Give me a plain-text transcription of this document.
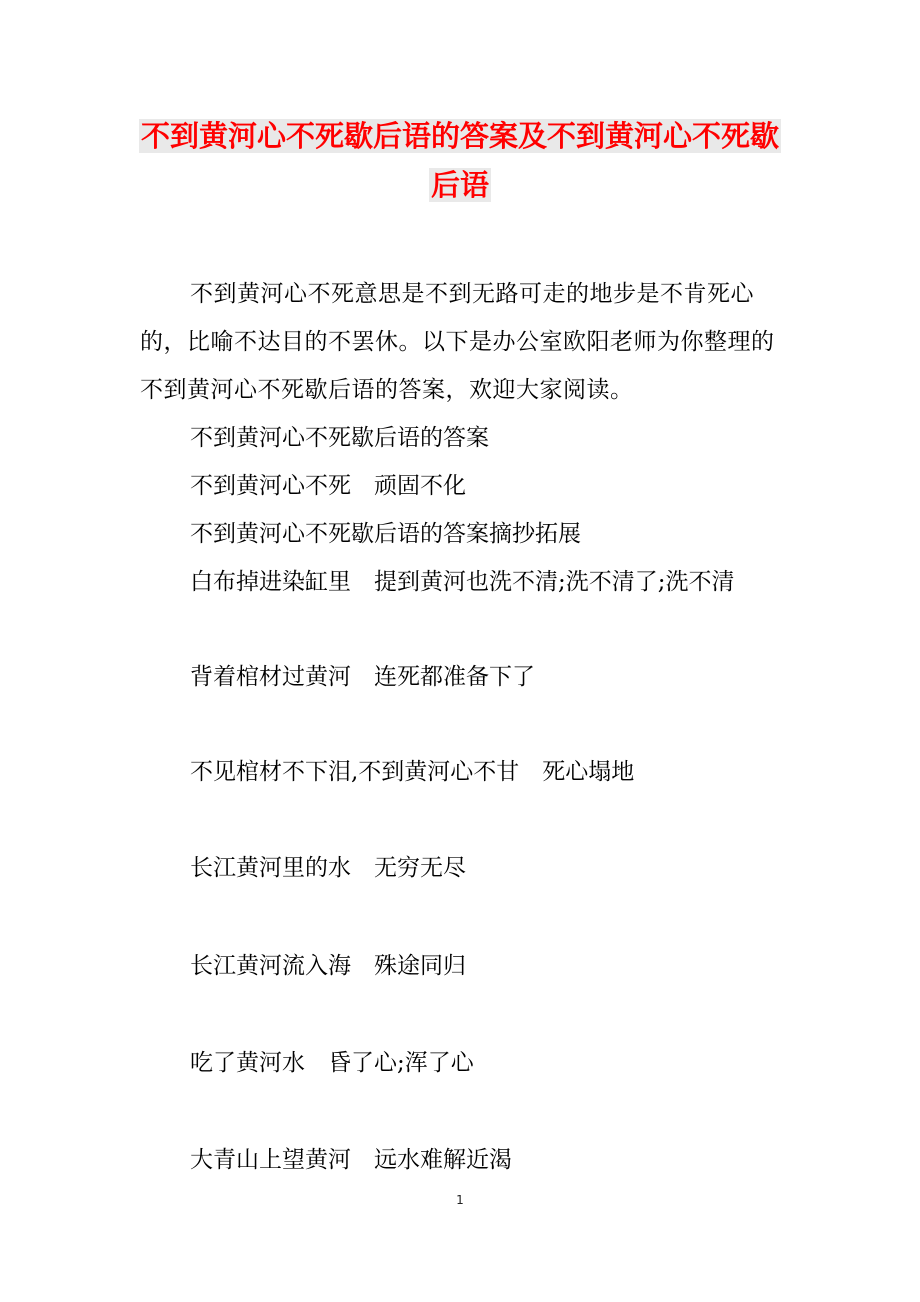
不到黄河心不死歇后语的答案及不到黄河心不死歇
后语

不到黄河心不死意思是不到无路可走的地步是不肯死心的，比喻不达目的不罢休。以下是办公室欧阳老师为你整理的不到黄河心不死歇后语的答案，欢迎大家阅读。

不到黄河心不死歇后语的答案

不到黄河心不死　顽固不化

不到黄河心不死歇后语的答案摘抄拓展

白布掉进染缸里　提到黄河也洗不清;洗不清了;洗不清

背着棺材过黄河　连死都准备下了

不见棺材不下泪,不到黄河心不甘　死心塌地

长江黄河里的水　无穷无尽

长江黄河流入海　殊途同归

吃了黄河水　昏了心;浑了心

大青山上望黄河　远水难解近渴

1
